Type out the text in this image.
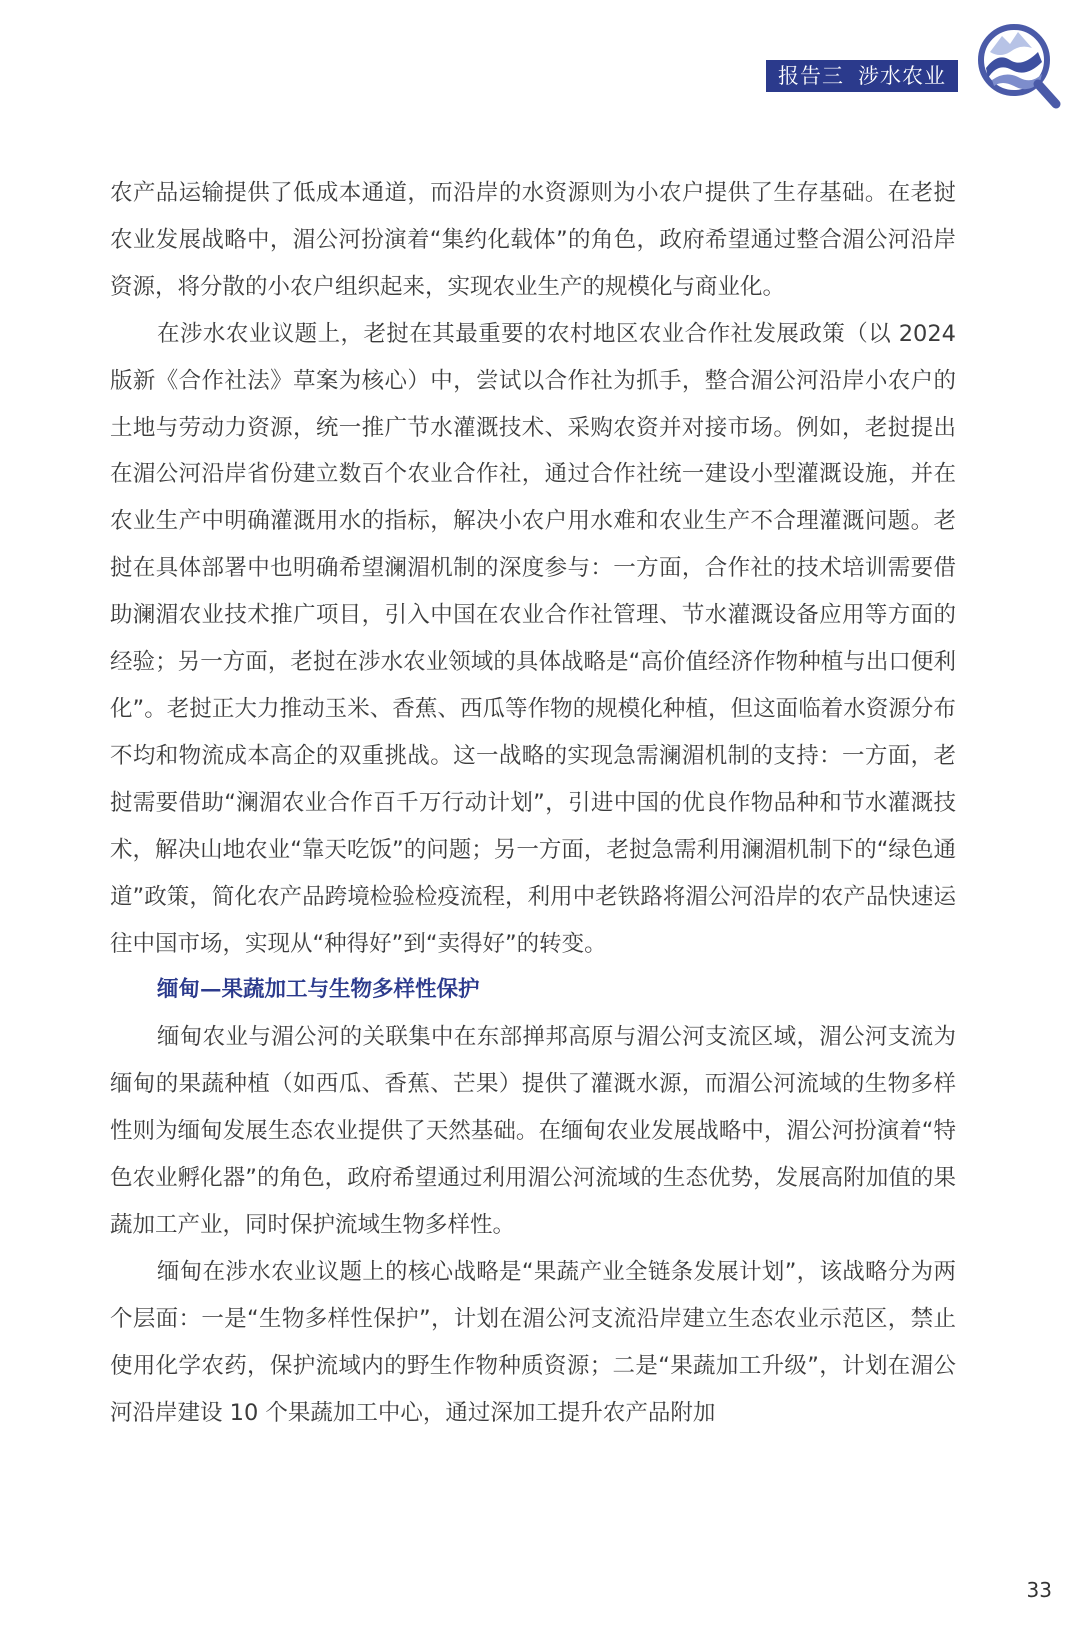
报告三 涉水农业

农产品运输提供了低成本通道，而沿岸的水资源则为小农户提供了生存基础。在老挝农业发展战略中，湄公河扮演着“集约化载体”的角色，政府希望通过整合湄公河沿岸资源，将分散的小农户组织起来，实现农业生产的规模化与商业化。

在涉水农业议题上，老挝在其最重要的农村地区农业合作社发展政策（以 2024 版新《合作社法》草案为核心）中，尝试以合作社为抓手，整合湄公河沿岸小农户的土地与劳动力资源，统一推广节水灌溉技术、采购农资并对接市场。例如，老挝提出在湄公河沿岸省份建立数百个农业合作社，通过合作社统一建设小型灌溉设施，并在农业生产中明确灌溉用水的指标，解决小农户用水难和农业生产不合理灌溉问题。老挝在具体部署中也明确希望澜湄机制的深度参与：一方面，合作社的技术培训需要借助澜湄农业技术推广项目，引入中国在农业合作社管理、节水灌溉设备应用等方面的经验；另一方面，老挝在涉水农业领域的具体战略是“高价值经济作物种植与出口便利化”。老挝正大力推动玉米、香蕉、西瓜等作物的规模化种植，但这面临着水资源分布不均和物流成本高企的双重挑战。这一战略的实现急需澜湄机制的支持：一方面，老挝需要借助“澜湄农业合作百千万行动计划”，引进中国的优良作物品种和节水灌溉技术，解决山地农业“靠天吃饭”的问题；另一方面，老挝急需利用澜湄机制下的“绿色通道”政策，简化农产品跨境检验检疫流程，利用中老铁路将湄公河沿岸的农产品快速运往中国市场，实现从“种得好”到“卖得好”的转变。

缅甸—果蔬加工与生物多样性保护

缅甸农业与湄公河的关联集中在东部掸邦高原与湄公河支流区域，湄公河支流为缅甸的果蔬种植（如西瓜、香蕉、芒果）提供了灌溉水源，而湄公河流域的生物多样性则为缅甸发展生态农业提供了天然基础。在缅甸农业发展战略中，湄公河扮演着“特色农业孵化器”的角色，政府希望通过利用湄公河流域的生态优势，发展高附加值的果蔬加工产业，同时保护流域生物多样性。

缅甸在涉水农业议题上的核心战略是“果蔬产业全链条发展计划”，该战略分为两个层面：一是“生物多样性保护”，计划在湄公河支流沿岸建立生态农业示范区，禁止使用化学农药，保护流域内的野生作物种质资源；二是“果蔬加工升级”，计划在湄公河沿岸建设 10 个果蔬加工中心，通过深加工提升农产品附加

33
